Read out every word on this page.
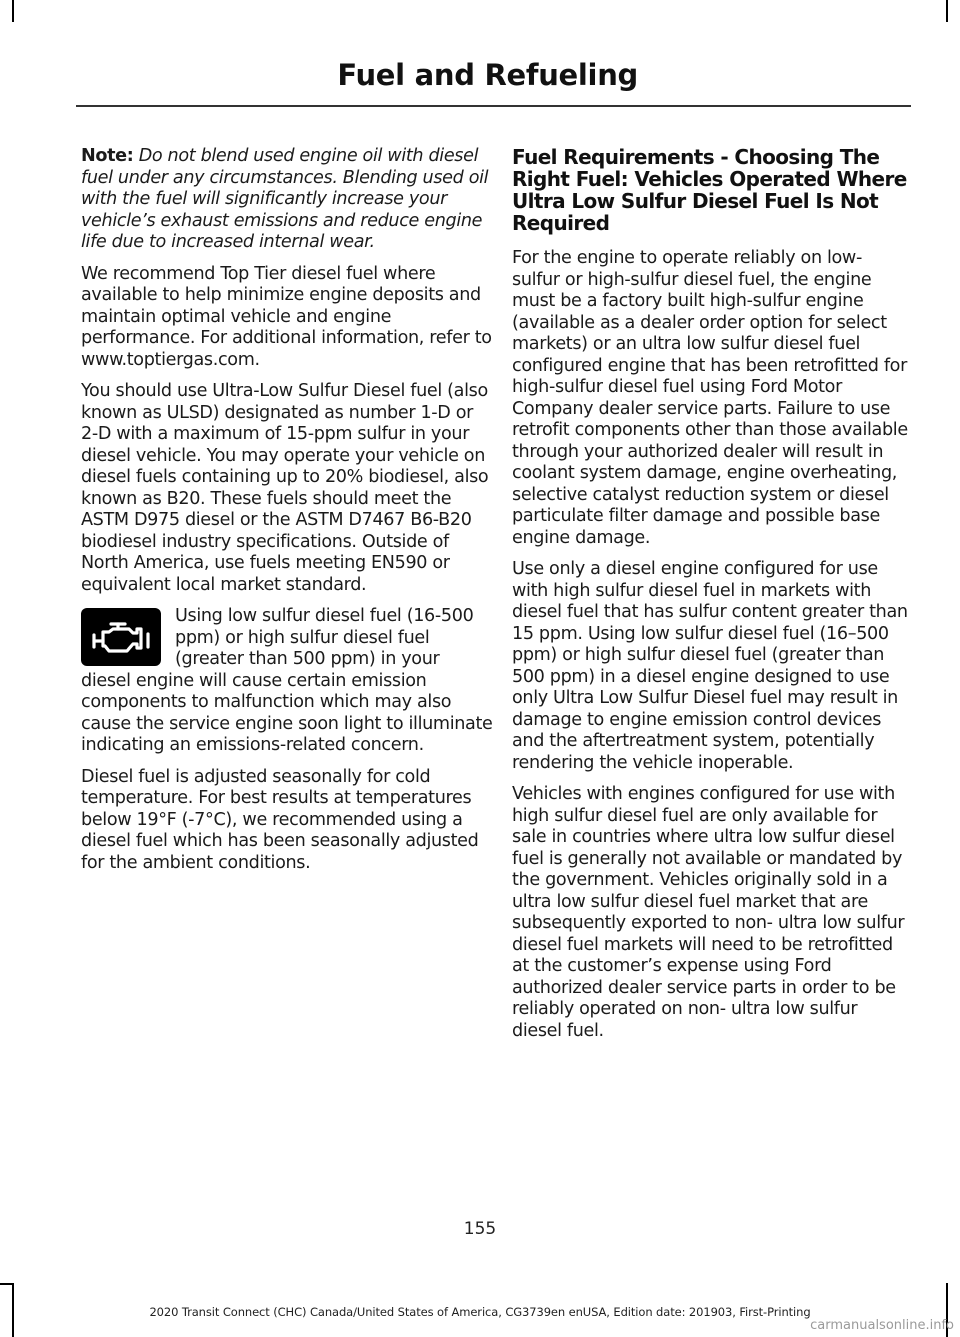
Fuel and Refueling

Note: Do not blend used engine oil with diesel fuel under any circumstances. Blending used oil with the fuel will significantly increase your vehicle’s exhaust emissions and reduce engine life due to increased internal wear.

We recommend Top Tier diesel fuel where available to help minimize engine deposits and maintain optimal vehicle and engine performance. For additional information, refer to www.toptiergas.com.

You should use Ultra-Low Sulfur Diesel fuel (also known as ULSD) designated as number 1-D or 2-D with a maximum of 15-ppm sulfur in your diesel vehicle. You may operate your vehicle on diesel fuels containing up to 20% biodiesel, also known as B20. These fuels should meet the ASTM D975 diesel or the ASTM D7467 B6-B20 biodiesel industry specifications. Outside of North America, use fuels meeting EN590 or equivalent local market standard.

Using low sulfur diesel fuel (16-500 ppm) or high sulfur diesel fuel (greater than 500 ppm) in your diesel engine will cause certain emission components to malfunction which may also cause the service engine soon light to illuminate indicating an emissions-related concern.

Diesel fuel is adjusted seasonally for cold temperature. For best results at temperatures below 19°F (-7°C), we recommended using a diesel fuel which has been seasonally adjusted for the ambient conditions.

Fuel Requirements - Choosing The Right Fuel: Vehicles Operated Where Ultra Low Sulfur Diesel Fuel Is Not Required

For the engine to operate reliably on low-sulfur or high-sulfur diesel fuel, the engine must be a factory built high-sulfur engine (available as a dealer order option for select markets) or an ultra low sulfur diesel fuel configured engine that has been retrofitted for high-sulfur diesel fuel using Ford Motor Company dealer service parts. Failure to use retrofit components other than those available through your authorized dealer will result in coolant system damage, engine overheating, selective catalyst reduction system or diesel particulate filter damage and possible base engine damage.

Use only a diesel engine configured for use with high sulfur diesel fuel in markets with diesel fuel that has sulfur content greater than 15 ppm. Using low sulfur diesel fuel (16–500 ppm) or high sulfur diesel fuel (greater than 500 ppm) in a diesel engine designed to use only Ultra Low Sulfur Diesel fuel may result in damage to engine emission control devices and the aftertreatment system, potentially rendering the vehicle inoperable.

Vehicles with engines configured for use with high sulfur diesel fuel are only available for sale in countries where ultra low sulfur diesel fuel is generally not available or mandated by the government. Vehicles originally sold in a ultra low sulfur diesel fuel market that are subsequently exported to non- ultra low sulfur diesel fuel markets will need to be retrofitted at the customer’s expense using Ford authorized dealer service parts in order to be reliably operated on non- ultra low sulfur diesel fuel.

155
2020 Transit Connect (CHC) Canada/United States of America, CG3739en enUSA, Edition date: 201903, First-Printing
carmanualsonline.info
